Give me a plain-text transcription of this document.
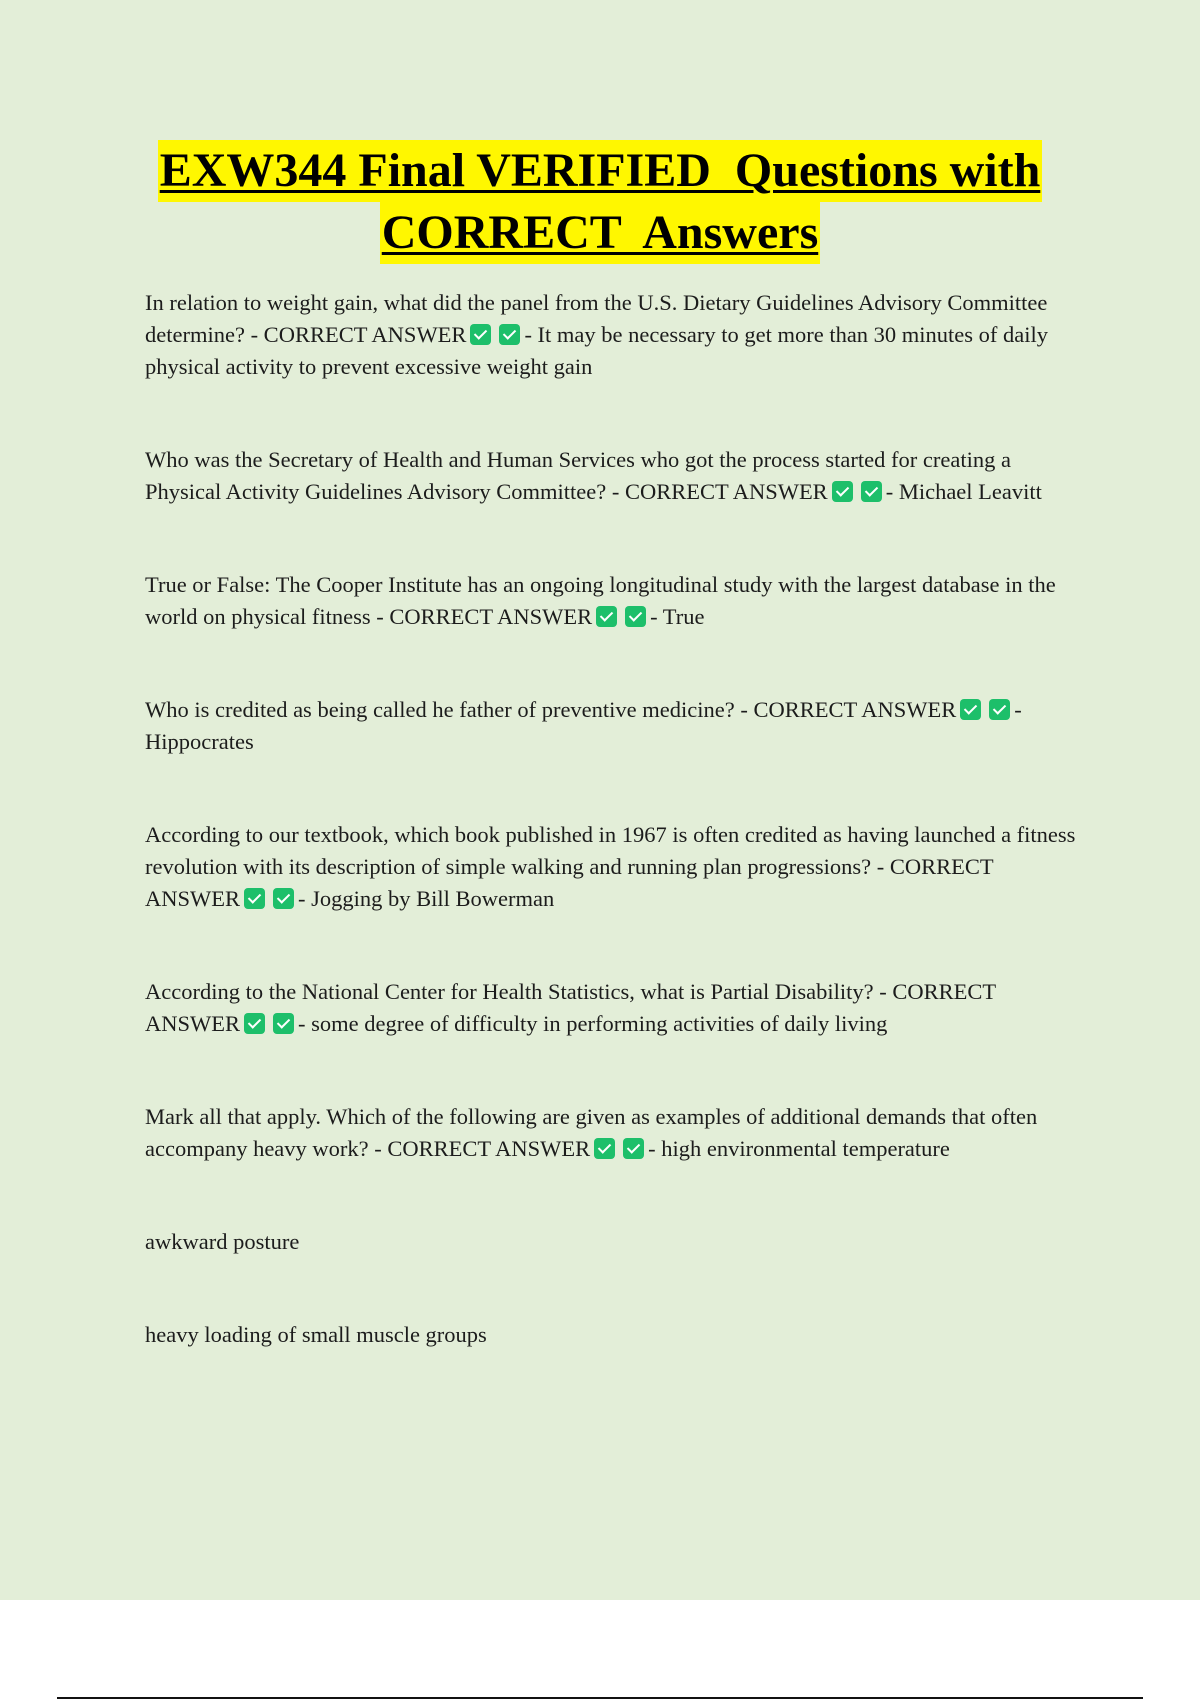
EXW344 Final VERIFIED  Questions with
CORRECT  Answers

In relation to weight gain, what did the panel from the U.S. Dietary Guidelines Advisory Committee determine? - CORRECT ANSWER	- It may be necessary to get more than 30 minutes of daily physical activity to prevent excessive weight gain

Who was the Secretary of Health and Human Services who got the process started for creating a Physical Activity Guidelines Advisory Committee? - CORRECT ANSWER	- Michael Leavitt

True or False: The Cooper Institute has an ongoing longitudinal study with the largest database in the world on physical fitness - CORRECT ANSWER	- True

Who is credited as being called he father of preventive medicine? - CORRECT ANSWER	- Hippocrates

According to our textbook, which book published in 1967 is often credited as having launched a fitness revolution with its description of simple walking and running plan progressions? - CORRECT ANSWER	- Jogging by Bill Bowerman

According to the National Center for Health Statistics, what is Partial Disability? - CORRECT ANSWER	- some degree of difficulty in performing activities of daily living

Mark all that apply. Which of the following are given as examples of additional demands that often accompany heavy work? - CORRECT ANSWER	- high environmental temperature

awkward posture

heavy loading of small muscle groups
